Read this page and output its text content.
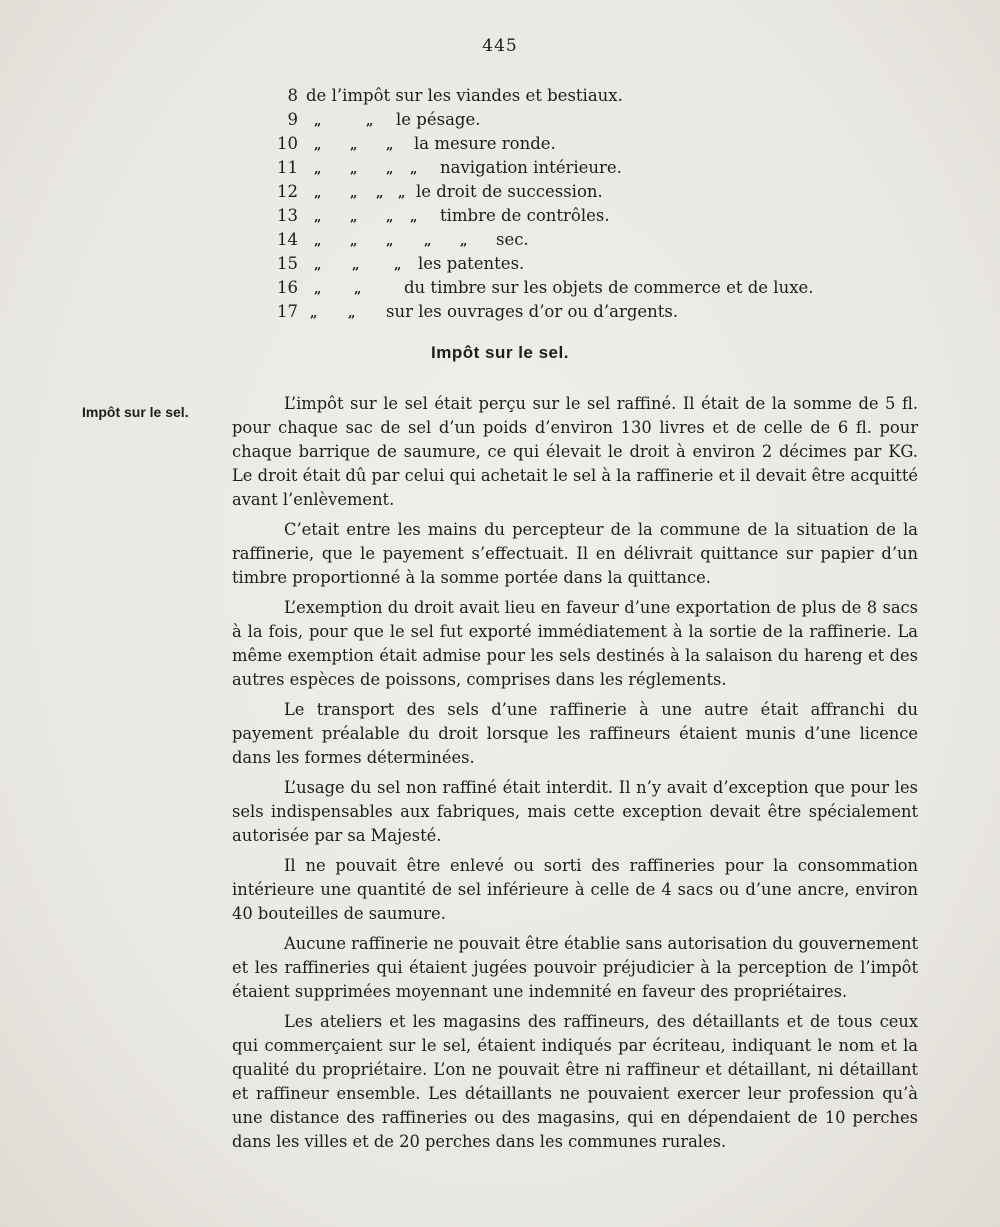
445
8 de l’impôt sur les viandes et bestiaux.
9 „	„ le pésage.
10 „ „ „ la mesure ronde.
11 „ „ „ „ navigation intérieure.
12 „ „ „ „ le droit de succession.
13 „ „ „ „ timbre de contrôles.
14 „ „ „ „ „ sec.
15 „ „	„ les patentes.
16 „	„	du timbre sur les objets de commerce et de luxe.
17 „ „ sur les ouvrages d’or ou d’argents.
Impôt sur le sel.
Impôt sur le sel.	L’impôt sur le sel était perçu sur le sel raffiné. Il était de la somme de 5 fl. pour chaque sac de sel d’un poids d’environ 130 livres et de celle de 6 fl. pour chaque barrique de saumure, ce qui élevait le droit à environ 2 décimes par KG. Le droit était dû par celui qui achetait le sel à la raffinerie et il devait être acquitté avant l’enlèvement.

C’etait entre les mains du percepteur de la commune de la situation de la raffinerie, que le payement s’effectuait. Il en délivrait quittance sur papier d’un timbre proportionné à la somme portée dans la quittance.

L’exemption du droit avait lieu en faveur d’une exportation de plus de 8 sacs à la fois, pour que le sel fut exporté immédiatement à la sortie de la raffinerie. La même exemption était admise pour les sels destinés à la salaison du hareng et des autres espèces de poissons, comprises dans les réglements.

Le transport des sels d’une raffinerie à une autre était affranchi du payement préalable du droit lorsque les raffineurs étaient munis d’une licence dans les formes déterminées.

L’usage du sel non raffiné était interdit. Il n’y avait d’exception que pour les sels indispensables aux fabriques, mais cette exception devait être spécialement autorisée par sa Majesté.

Il ne pouvait être enlevé ou sorti des raffineries pour la consommation intérieure une quantité de sel inférieure à celle de 4 sacs ou d’une ancre, environ 40 bouteilles de saumure.

Aucune raffinerie ne pouvait être établie sans autorisation du gouvernement et les raffineries qui étaient jugées pouvoir préjudicier à la perception de l’impôt étaient supprimées moyennant une indemnité en faveur des propriétaires.

Les ateliers et les magasins des raffineurs, des détaillants et de tous ceux qui commerçaient sur le sel, étaient indiqués par écriteau, indiquant le nom et la qualité du propriétaire. L’on ne pouvait être ni raffineur et détaillant, ni détaillant et raffineur ensemble. Les détaillants ne pouvaient exercer leur profession qu’à une distance des raffineries ou des magasins, qui en dépendaient de 10 perches dans les villes et de 20 perches dans les communes rurales.
